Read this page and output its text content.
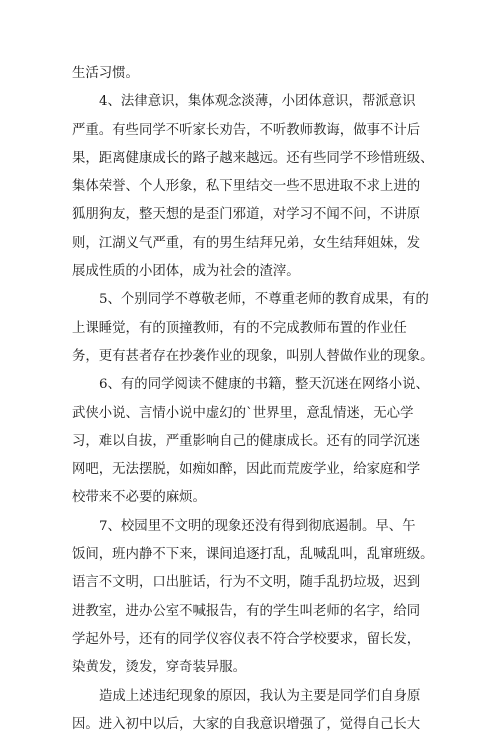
生活习惯。
4、法律意识，集体观念淡薄，小团体意识，帮派意识
严重。有些同学不听家长劝告，不听教师教诲，做事不计后
果，距离健康成长的路子越来越远。还有些同学不珍惜班级、
集体荣誉、个人形象，私下里结交一些不思进取不求上进的
狐朋狗友，整天想的是歪门邪道，对学习不闻不问，不讲原
则，江湖义气严重，有的男生结拜兄弟，女生结拜姐妹，发
展成性质的小团体，成为社会的渣滓。
5、个别同学不尊敬老师，不尊重老师的教育成果，有的
上课睡觉，有的顶撞教师，有的不完成教师布置的作业任
务，更有甚者存在抄袭作业的现象，叫别人替做作业的现象。
6、有的同学阅读不健康的书籍，整天沉迷在网络小说、
武侠小说、言情小说中虚幻的`世界里，意乱情迷，无心学
习，难以自拔，严重影响自己的健康成长。还有的同学沉迷
网吧，无法摆脱，如痴如醉，因此而荒废学业，给家庭和学
校带来不必要的麻烦。
7、校园里不文明的现象还没有得到彻底遏制。早、午
饭间，班内静不下来，课间追逐打乱，乱喊乱叫，乱窜班级。
语言不文明，口出脏话，行为不文明，随手乱扔垃圾，迟到
进教室，进办公室不喊报告，有的学生叫老师的名字，给同
学起外号，还有的同学仪容仪表不符合学校要求，留长发，
染黄发，烫发，穿奇装异服。
造成上述违纪现象的原因，我认为主要是同学们自身原
因。进入初中以后，大家的自我意识增强了，觉得自己长大
